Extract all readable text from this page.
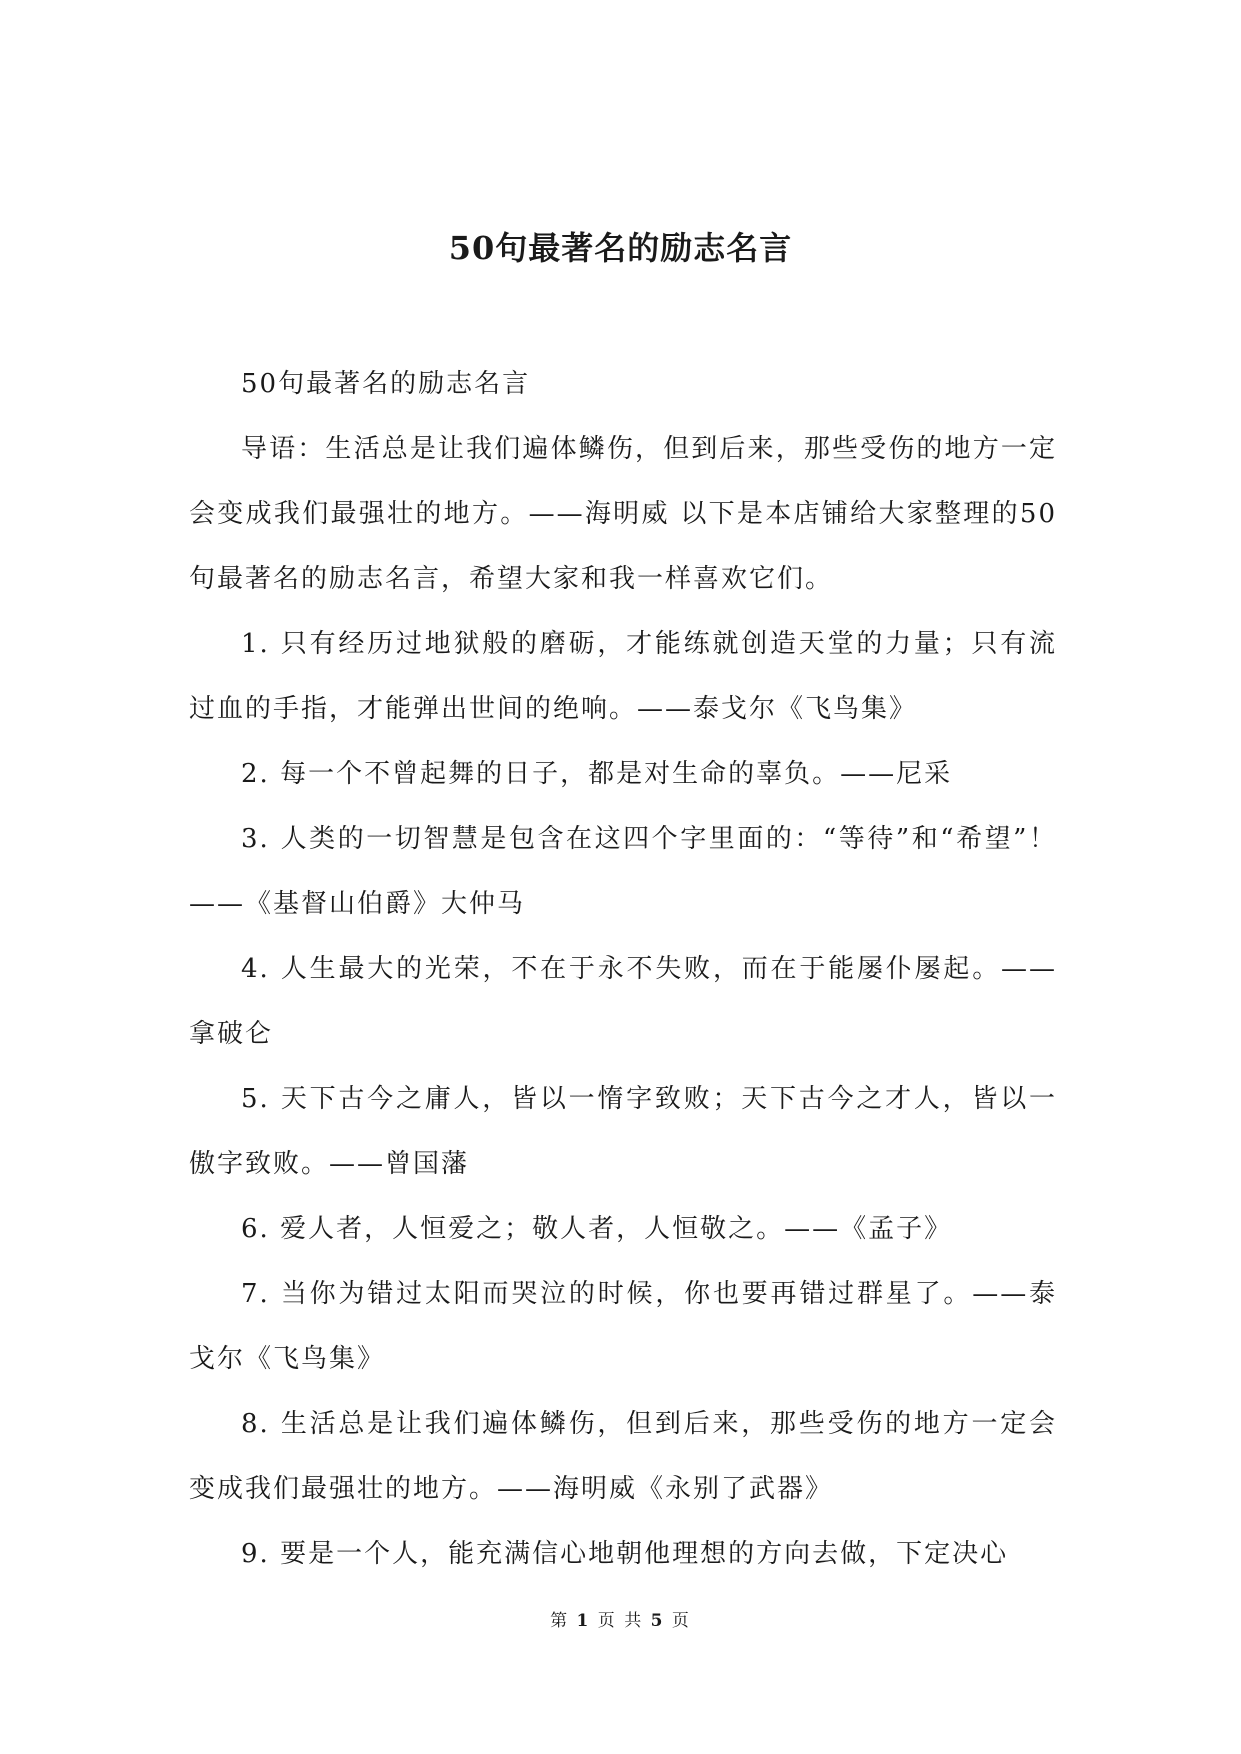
50句最著名的励志名言

50句最著名的励志名言

导语：生活总是让我们遍体鳞伤，但到后来，那些受伤的地方一定会变成我们最强壮的地方。——海明威 以下是本店铺给大家整理的50句最著名的励志名言，希望大家和我一样喜欢它们。

1. 只有经历过地狱般的磨砺，才能练就创造天堂的力量；只有流过血的手指，才能弹出世间的绝响。——泰戈尔《飞鸟集》

2. 每一个不曾起舞的日子，都是对生命的辜负。——尼采

3. 人类的一切智慧是包含在这四个字里面的：“等待”和“希望”！——《基督山伯爵》大仲马

4. 人生最大的光荣，不在于永不失败，而在于能屡仆屡起。——拿破仑

5. 天下古今之庸人，皆以一惰字致败；天下古今之才人，皆以一傲字致败。——曾国藩

6. 爱人者，人恒爱之；敬人者，人恒敬之。——《孟子》

7. 当你为错过太阳而哭泣的时候，你也要再错过群星了。——泰戈尔《飞鸟集》

8. 生活总是让我们遍体鳞伤，但到后来，那些受伤的地方一定会变成我们最强壮的地方。——海明威《永别了武器》

9. 要是一个人，能充满信心地朝他理想的方向去做，下定决心

第 1 页 共 5 页
